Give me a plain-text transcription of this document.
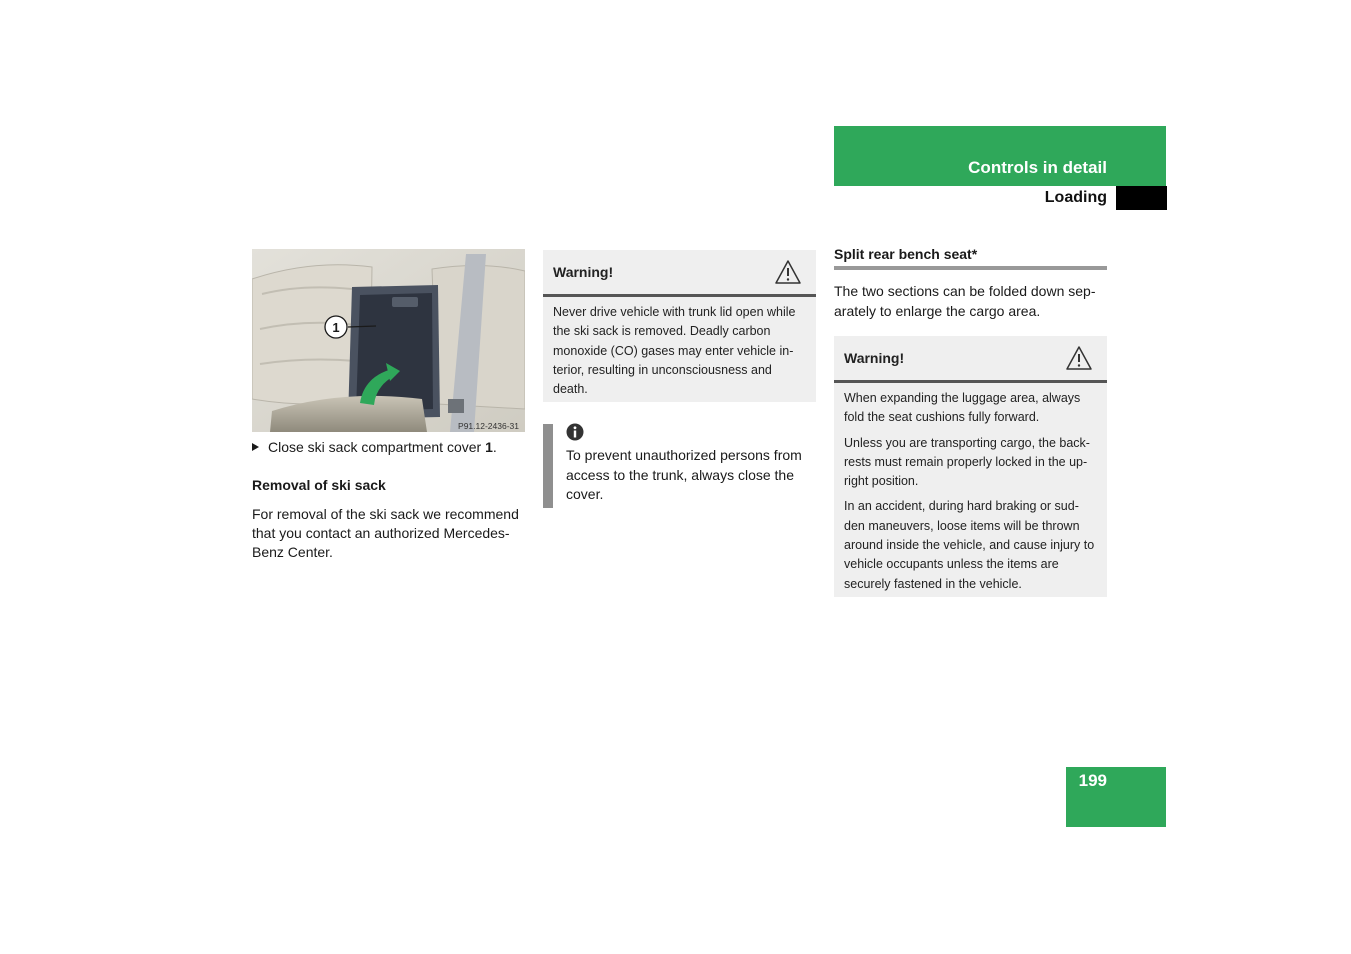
Controls in detail
Loading
1
P91.12-2436-31
Close ski sack compartment cover 1.
Removal of ski sack
For removal of the ski sack we recommend that you contact an authorized Mercedes-Benz Center.
Warning!

Never drive vehicle with trunk lid open while the ski sack is removed. Deadly carbon monoxide (CO) gases may enter vehicle in-terior, resulting in unconsciousness and death.

To prevent unauthorized persons from access to the trunk, always close the cover.
Split rear bench seat*
The two sections can be folded down sep-arately to enlarge the cargo area.
Warning!

When expanding the luggage area, always fold the seat cushions fully forward.

Unless you are transporting cargo, the back-rests must remain properly locked in the up-right position.

In an accident, during hard braking or sud-den maneuvers, loose items will be thrown around inside the vehicle, and cause injury to vehicle occupants unless the items are securely fastened in the vehicle.

199
